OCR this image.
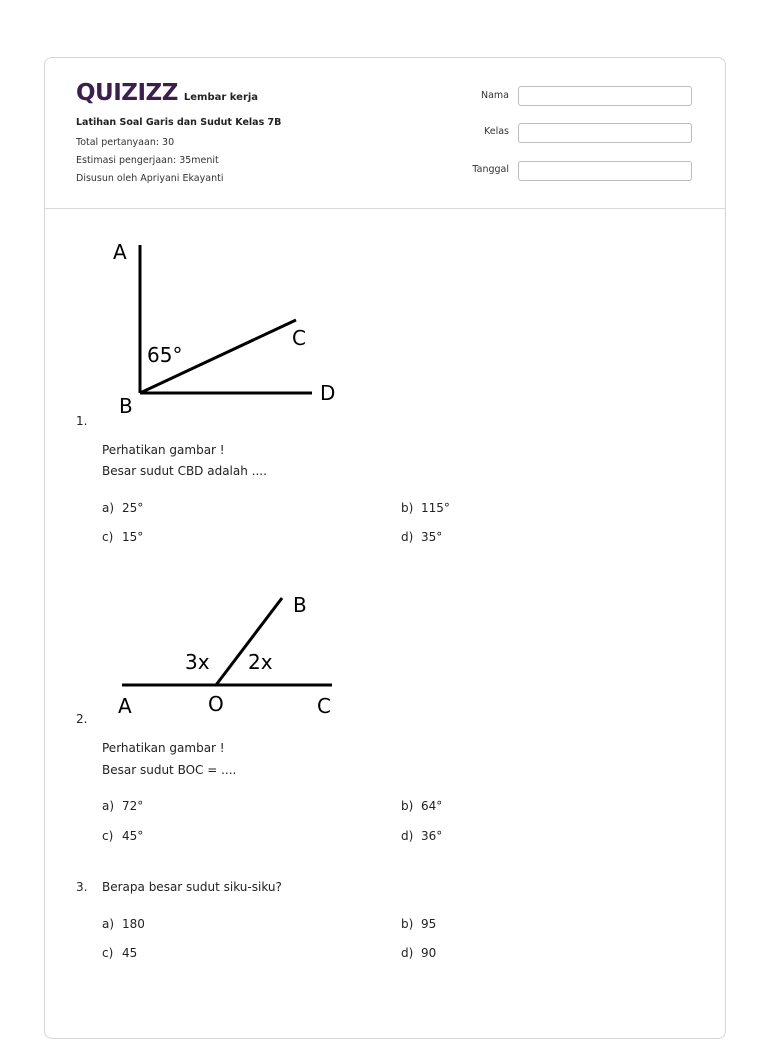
QUIZIZZ Lembar kerja
Latihan Soal Garis dan Sudut Kelas 7B
Total pertanyaan: 30
Estimasi pengerjaan: 35menit
Disusun oleh Apriyani Ekayanti
Nama
Kelas
Tanggal
A
B
C
D
65°
1.
Perhatikan gambar !
Besar sudut CBD adalah ....
a) 25°	b) 115°
c) 15°	d) 35°
3x 2x
A	O	C
B
2.
Perhatikan gambar !
Besar sudut BOC = ....
a) 72°	b) 64°
c) 45°	d) 36°
3. Berapa besar sudut siku-siku?
a) 180	b) 95
c) 45	d) 90
